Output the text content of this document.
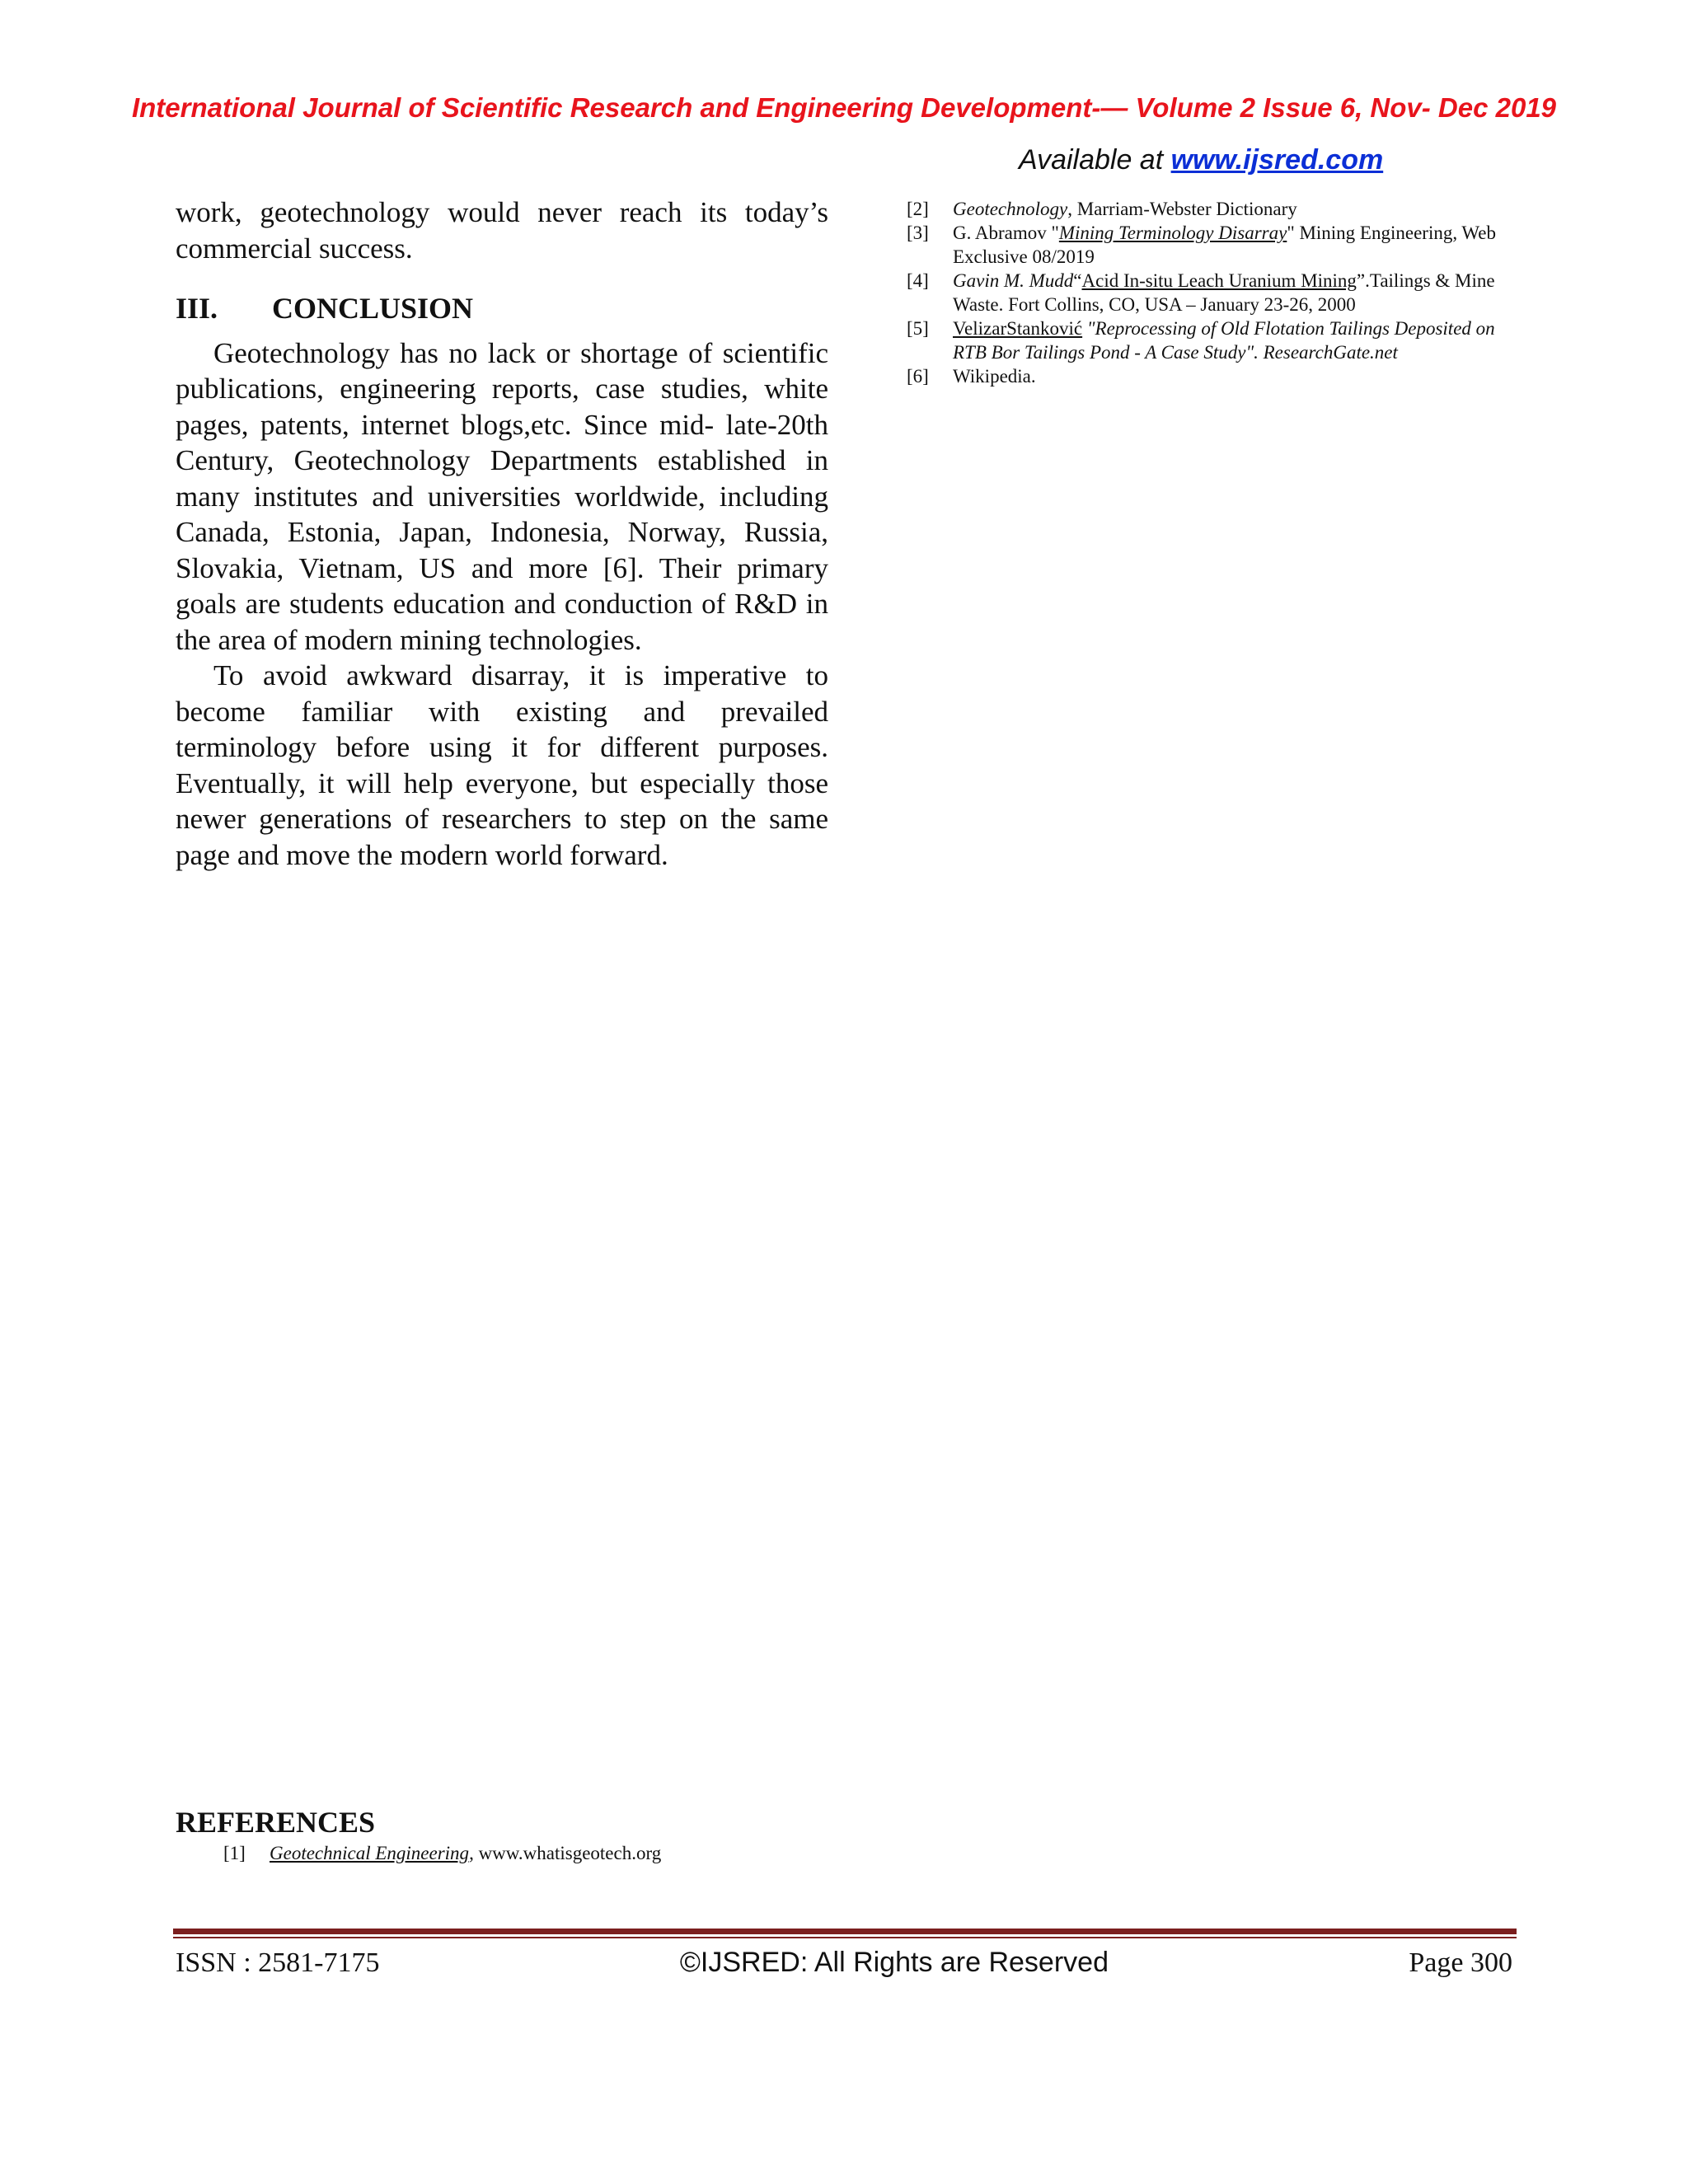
International Journal of Scientific Research and Engineering Development-— Volume 2 Issue 6, Nov- Dec 2019
Available at www.ijsred.com

work, geotechnology would never reach its today’s commercial success.

III. CONCLUSION

Geotechnology has no lack or shortage of scientific publications, engineering reports, case studies, white pages, patents, internet blogs,etc. Since mid- late-20th Century, Geotechnology Departments established in many institutes and universities worldwide, including Canada, Estonia, Japan, Indonesia, Norway, Russia, Slovakia, Vietnam, US and more [6]. Their primary goals are students education and conduction of R&D in the area of modern mining technologies.

To avoid awkward disarray, it is imperative to become familiar with existing and prevailed terminology before using it for different purposes. Eventually, it will help everyone, but especially those newer generations of researchers to step on the same page and move the modern world forward.

[2]	Geotechnology, Marriam-Webster Dictionary
[3]	G. Abramov "Mining Terminology Disarray" Mining Engineering, Web Exclusive 08/2019
[4]	Gavin M. Mudd“Acid In-situ Leach Uranium Mining”.Tailings & Mine Waste. Fort Collins, CO, USA – January 23-26, 2000
[5]	VelizarStanković "Reprocessing of Old Flotation Tailings Deposited on RTB Bor Tailings Pond - A Case Study". ResearchGate.net
[6]	Wikipedia.
REFERENCES
[1]	Geotechnical Engineering, www.whatisgeotech.org
ISSN : 2581-7175	©IJSRED: All Rights are Reserved	Page 300
